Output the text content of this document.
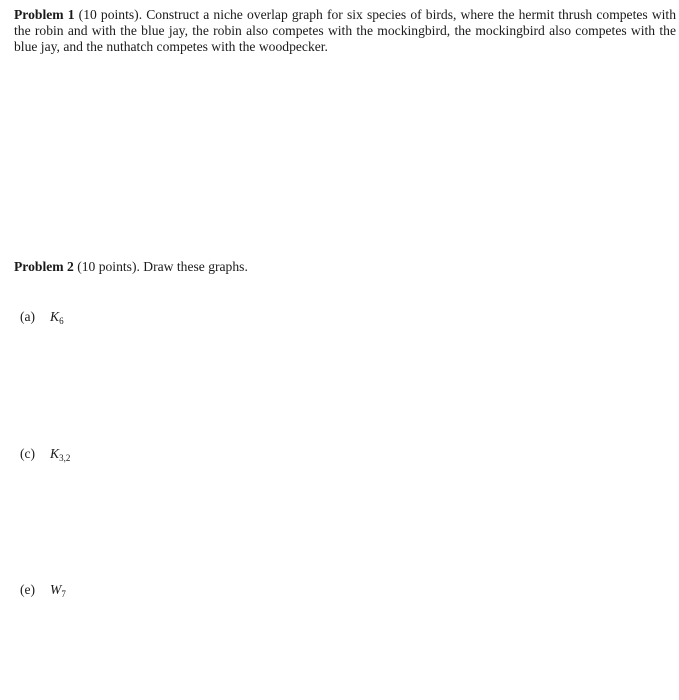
Problem 1 (10 points). Construct a niche overlap graph for six species of birds, where the hermit thrush competes with the robin and with the blue jay, the robin also competes with the mockingbird, the mockingbird also competes with the blue jay, and the nuthatch competes with the woodpecker.
Problem 2 (10 points). Draw these graphs.
(a) $K_6$
(c) $K_{3,2}$
(e) $W_7$
